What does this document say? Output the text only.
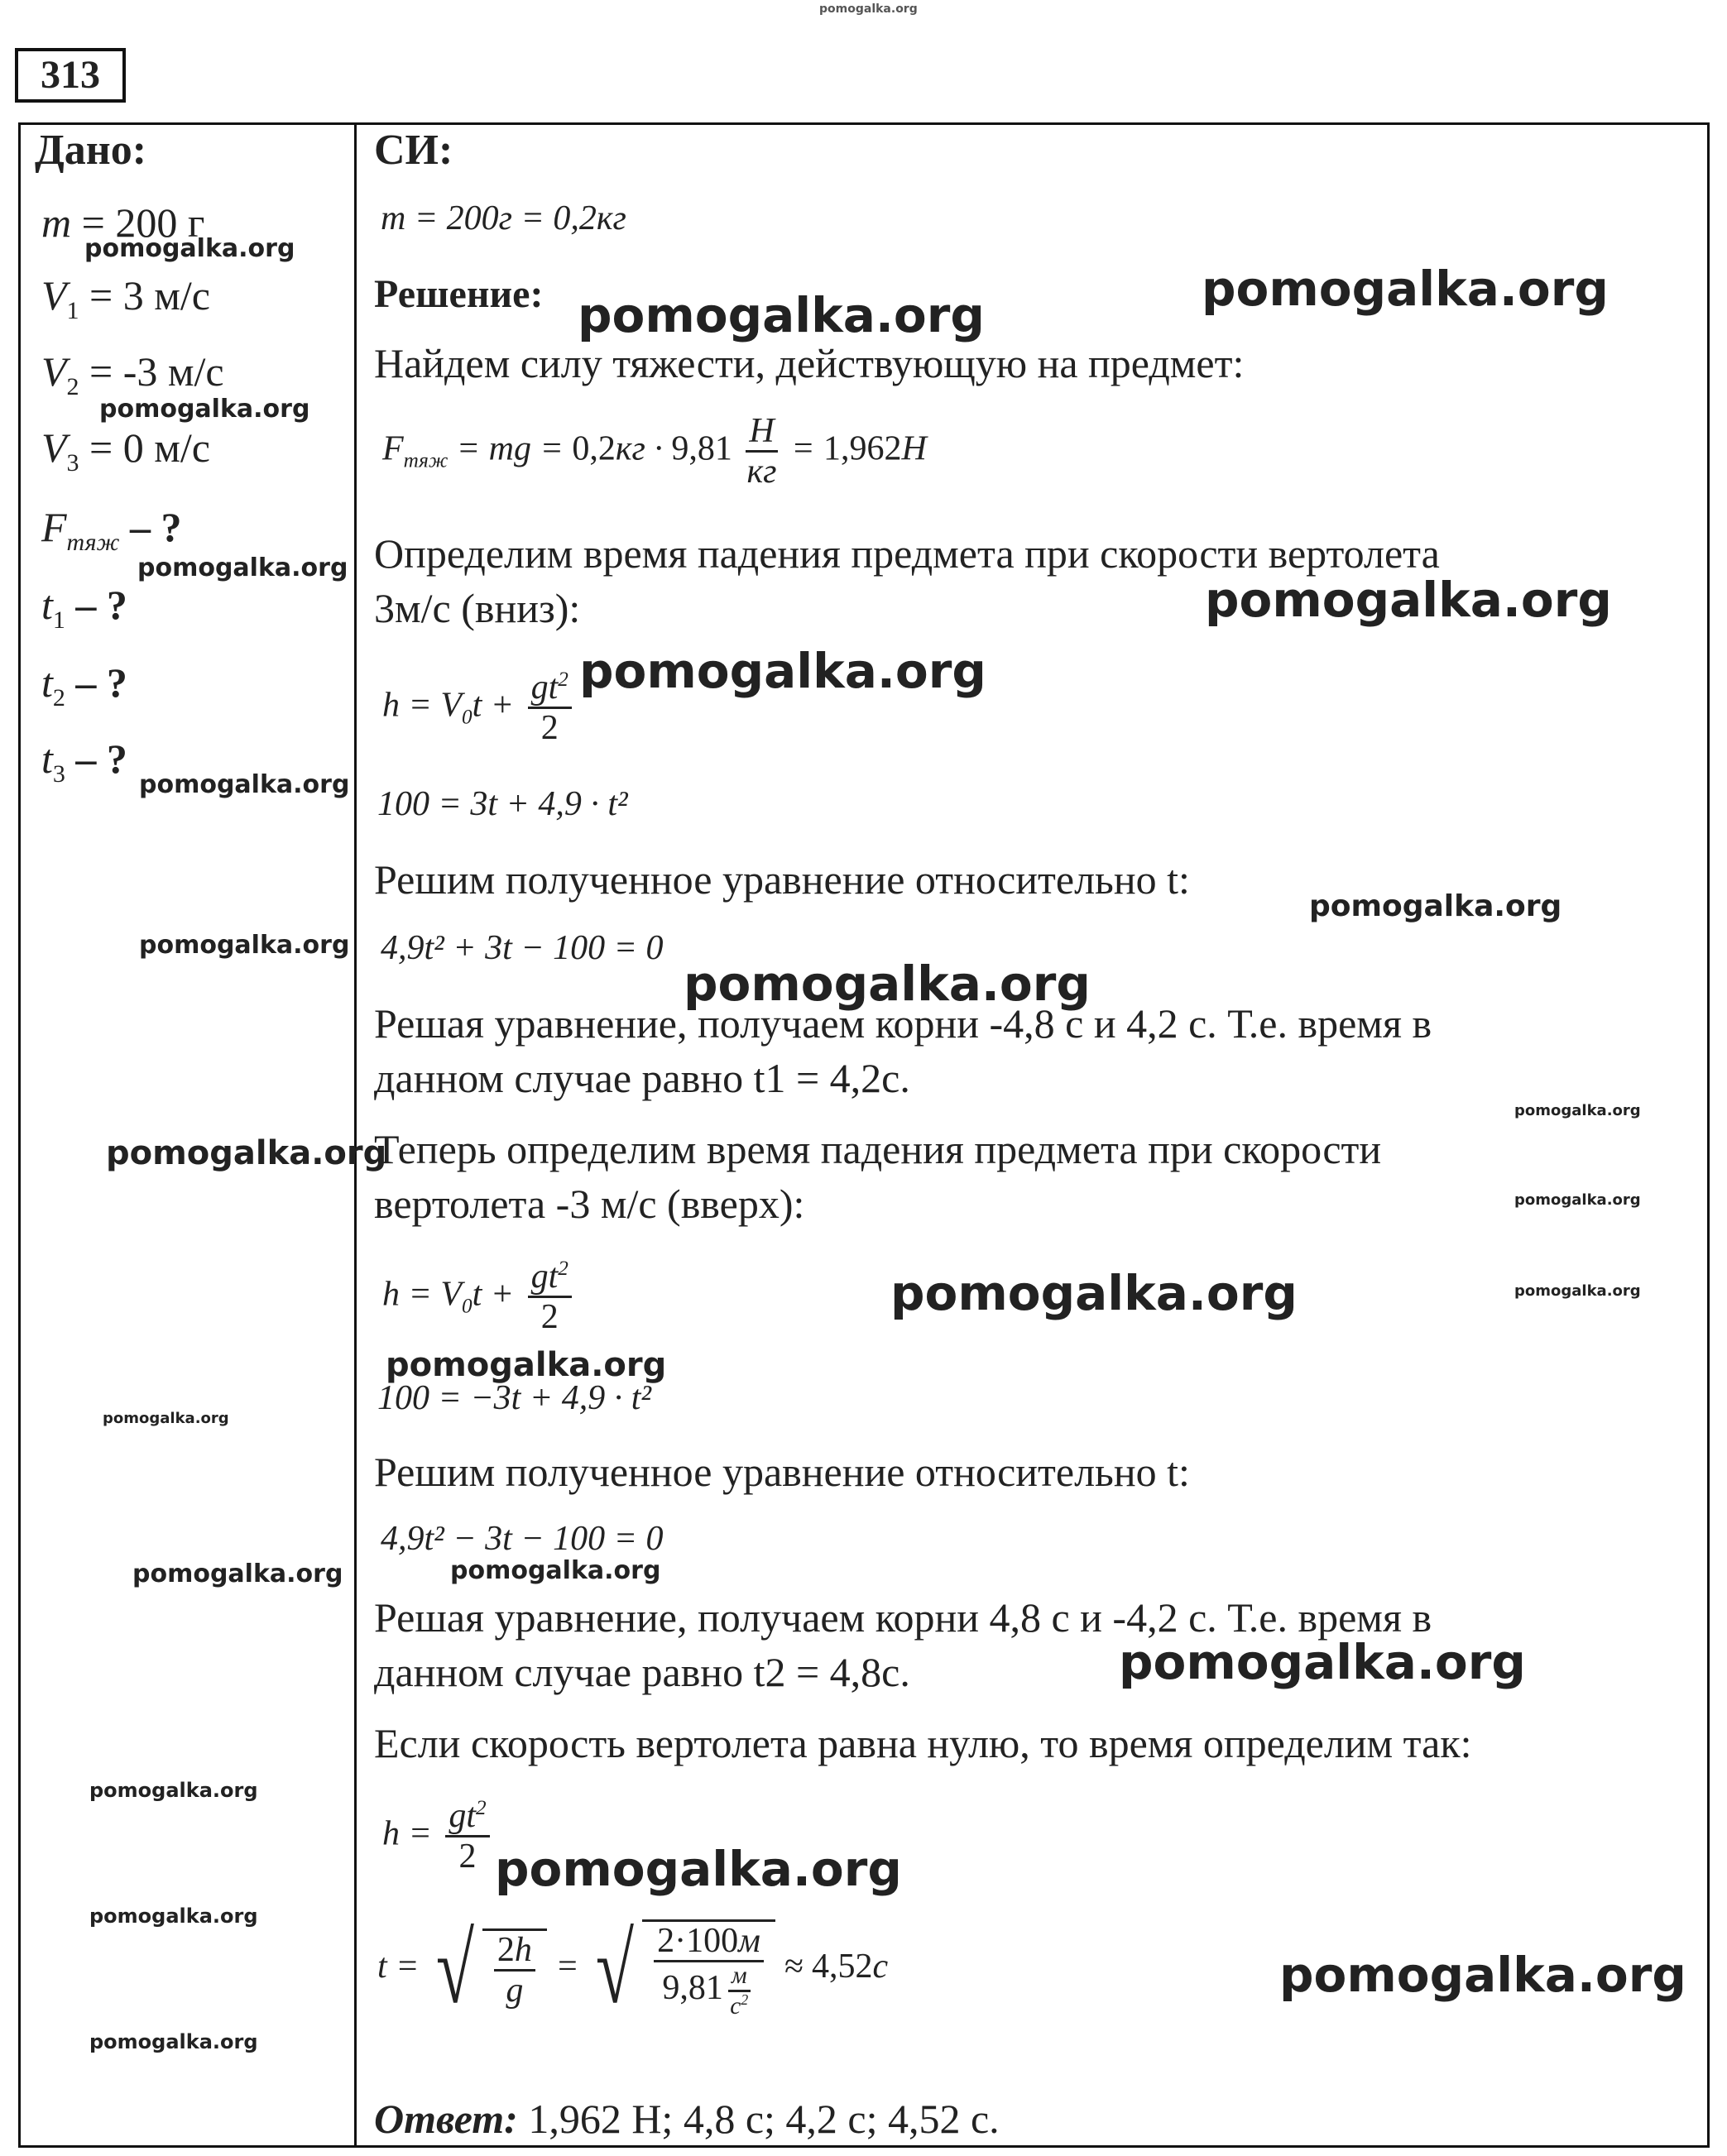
pomogalka.org
313
Дано:
m = 200 г
$V_1 = 3$ м/с
$V_2 = -3$ м/с
$V_3 = 0$ м/с
$F_{тяж}$ – ?
$t_1$ – ?
$t_2$ – ?
$t_3$ – ?
СИ:
m = 200г = 0,2кг
Решение:
Найдем силу тяжести, действующую на предмет:
$F_{тяж}$ = mg = $0,2кг \cdot 9,81 \frac{Н}{кг} = 1,962Н$
Определим время падения предмета при скорости вертолета
3м/с (вниз):
$h = V_0t + \frac{gt^2}{2}$
100 = 3t + 4,9 · t²
Решим полученное уравнение относительно t:
4,9t² + 3t − 100 = 0
Решая уравнение, получаем корни -4,8 с и 4,2 с. Т.е. время в
данном случае равно t1 = 4,2с.
Теперь определим время падения предмета при скорости
вертолета -3 м/с (вверх):
$h = V_0t + \frac{gt^2}{2}$
100 = −3t + 4,9 · t²
Решим полученное уравнение относительно t:
4,9t² − 3t − 100 = 0
Решая уравнение, получаем корни 4,8 с и -4,2 с. Т.е. время в
данном случае равно t2 = 4,8с.
Если скорость вертолета равна нулю, то время определим так:
$h = \frac{gt^2}{2}$
t = √ $\frac{2h}{g}$ = √ $\frac{2\cdot 100м}{9,81 \frac{м}{с^2}} \approx 4,52с$
Ответ: 1,962 Н; 4,8 с; 4,2 с; 4,52 с.
pomogalka.org
pomogalka.org
pomogalka.org
pomogalka.org
pomogalka.org
pomogalka.org
pomogalka.org
pomogalka.org
pomogalka.org
pomogalka.org
pomogalka.org
pomogalka.org	pomogalka.org
pomogalka.org
pomogalka.org
pomogalka.org
pomogalka.org
pomogalka.org
pomogalka.org
pomogalka.org
pomogalka.org
pomogalka.org
pomogalka.org
pomogalka.org
pomogalka.org
pomogalka.org
